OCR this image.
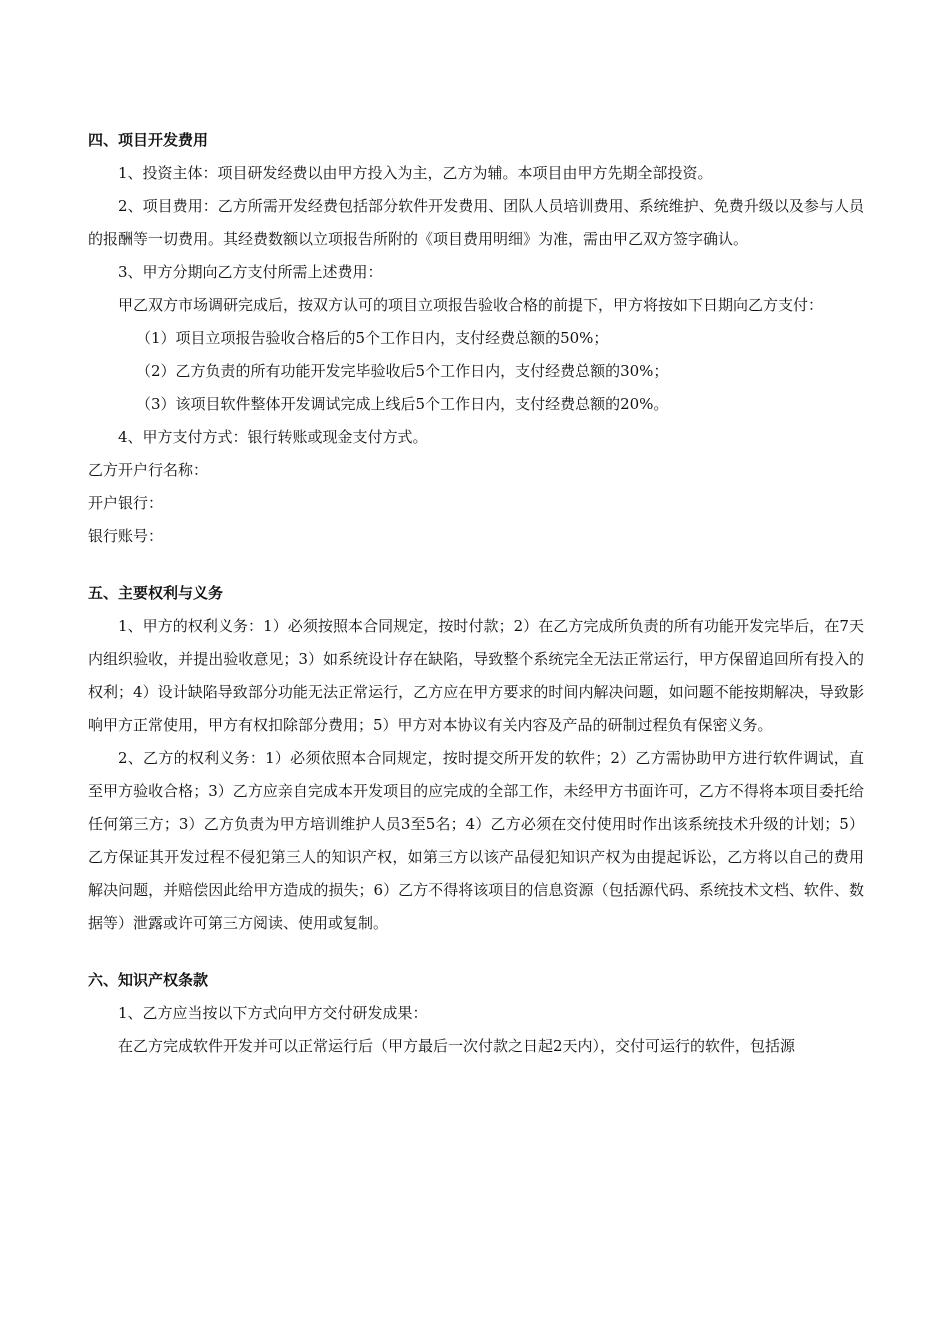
四、项目开发费用

1、投资主体：项目研发经费以由甲方投入为主，乙方为辅。本项目由甲方先期全部投资。

2、项目费用：乙方所需开发经费包括部分软件开发费用、团队人员培训费用、系统维护、免费升级以及参与人员的报酬等一切费用。其经费数额以立项报告所附的《项目费用明细》为准，需由甲乙双方签字确认。

3、甲方分期向乙方支付所需上述费用：

甲乙双方市场调研完成后，按双方认可的项目立项报告验收合格的前提下，甲方将按如下日期向乙方支付：

（1）项目立项报告验收合格后的5个工作日内，支付经费总额的50%；

（2）乙方负责的所有功能开发完毕验收后5个工作日内，支付经费总额的30%；

（3）该项目软件整体开发调试完成上线后5个工作日内，支付经费总额的20%。

4、甲方支付方式：银行转账或现金支付方式。

乙方开户行名称：

开户银行：

银行账号：

五、主要权利与义务

1、甲方的权利义务：1）必须按照本合同规定，按时付款；2）在乙方完成所负责的所有功能开发完毕后，在7天内组织验收，并提出验收意见；3）如系统设计存在缺陷，导致整个系统完全无法正常运行，甲方保留追回所有投入的权利；4）设计缺陷导致部分功能无法正常运行，乙方应在甲方要求的时间内解决问题，如问题不能按期解决，导致影响甲方正常使用，甲方有权扣除部分费用；5）甲方对本协议有关内容及产品的研制过程负有保密义务。

2、乙方的权利义务：1）必须依照本合同规定，按时提交所开发的软件；2）乙方需协助甲方进行软件调试，直至甲方验收合格；3）乙方应亲自完成本开发项目的应完成的全部工作，未经甲方书面许可，乙方不得将本项目委托给任何第三方；3）乙方负责为甲方培训维护人员3至5名；4）乙方必须在交付使用时作出该系统技术升级的计划；5）乙方保证其开发过程不侵犯第三人的知识产权，如第三方以该产品侵犯知识产权为由提起诉讼，乙方将以自己的费用解决问题，并赔偿因此给甲方造成的损失；6）乙方不得将该项目的信息资源（包括源代码、系统技术文档、软件、数据等）泄露或许可第三方阅读、使用或复制。

六、知识产权条款

1、乙方应当按以下方式向甲方交付研发成果：

在乙方完成软件开发并可以正常运行后（甲方最后一次付款之日起2天内），交付可运行的软件，包括源
